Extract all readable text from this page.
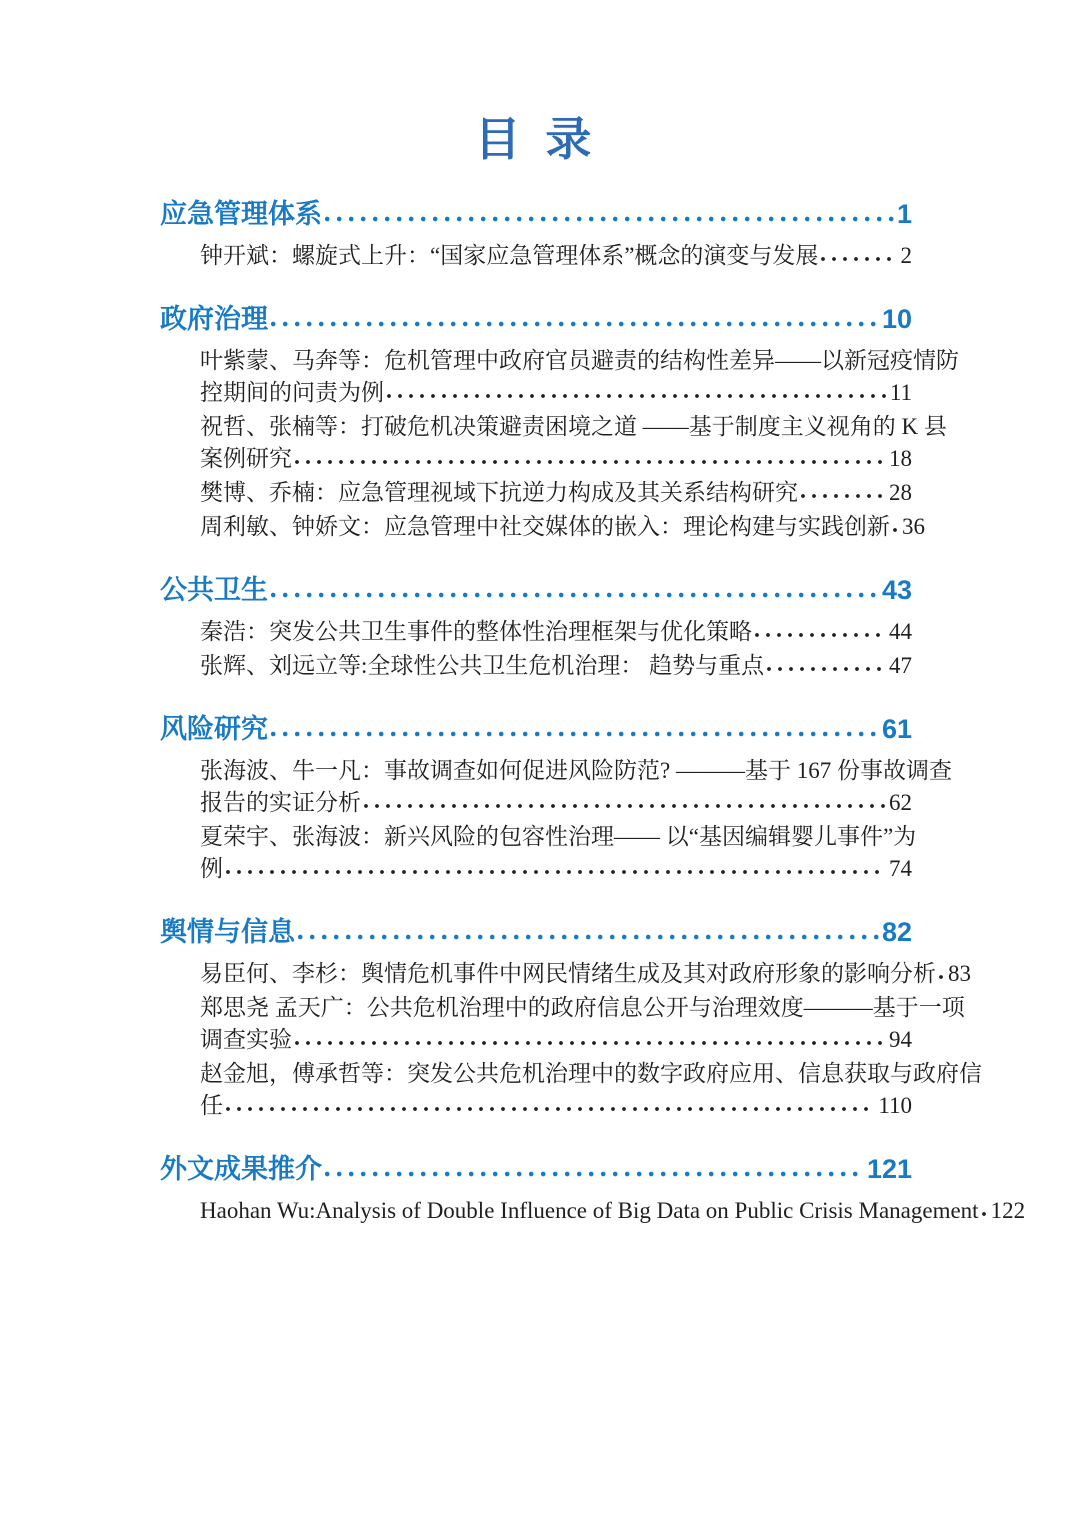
目 录
应急管理体系	1
钟开斌：螺旋式上升：“国家应急管理体系”概念的演变与发展	2
政府治理	10
叶紫蒙、马奔等：危机管理中政府官员避责的结构性差异——以新冠疫情防
控期间的问责为例	11
祝哲、张楠等：打破危机决策避责困境之道 ——基于制度主义视角的 K 县
案例研究	18
樊博、乔楠：应急管理视域下抗逆力构成及其关系结构研究	28
周利敏、钟娇文：应急管理中社交媒体的嵌入：理论构建与实践创新 36
公共卫生	43
秦浩：突发公共卫生事件的整体性治理框架与优化策略	44
张辉、刘远立等:全球性公共卫生危机治理： 趋势与重点	47
风险研究	61
张海波、牛一凡：事故调查如何促进风险防范? ———基于 167 份事故调查
报告的实证分析	62
夏荣宇、张海波：新兴风险的包容性治理—— 以“基因编辑婴儿事件”为
例	74
舆情与信息	82
易臣何、李杉：舆情危机事件中网民情绪生成及其对政府形象的影响分析 83
郑思尧 孟天广：公共危机治理中的政府信息公开与治理效度———基于一项
调查实验	94
赵金旭，傅承哲等：突发公共危机治理中的数字政府应用、信息获取与政府信
任	110
外文成果推介	121
Haohan Wu:Analysis of Double Influence of Big Data on Public Crisis Management 122
